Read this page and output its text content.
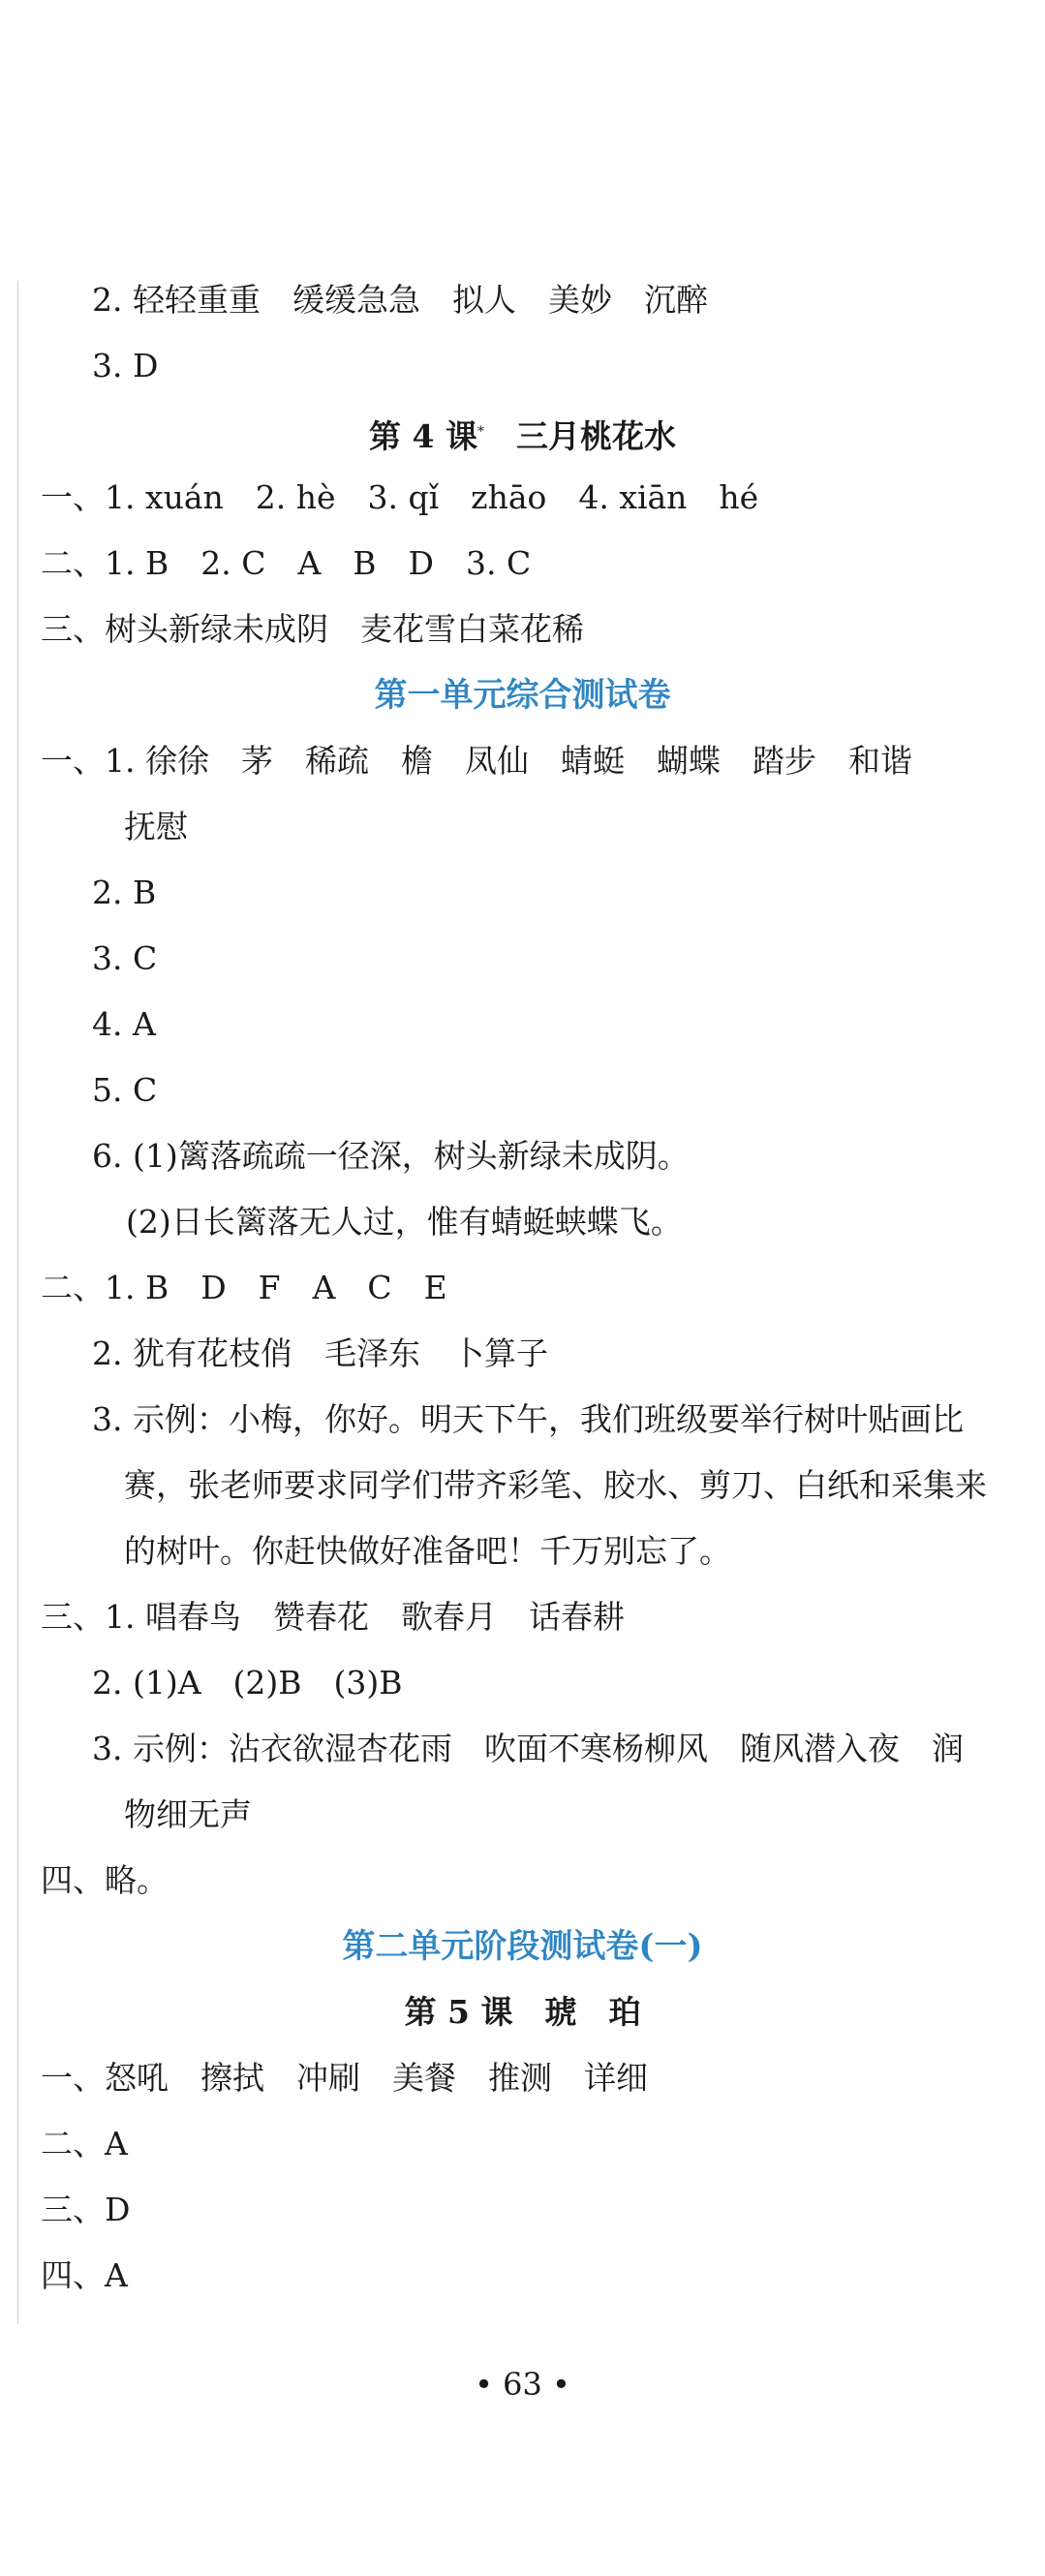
2. 轻轻重重　缓缓急急　拟人　美妙　沉醉
3. D
第 4 课*　三月桃花水
一、1. xuán　2. hè　3. qǐ　zhāo　4. xiān　hé
二、1. B　2. C　A　B　D　3. C
三、树头新绿未成阴　麦花雪白菜花稀
第一单元综合测试卷
一、1. 徐徐　茅　稀疏　檐　凤仙　蜻蜓　蝴蝶　踏步　和谐
抚慰
2. B
3. C
4. A
5. C
6. (1)篱落疏疏一径深，树头新绿未成阴。
(2)日长篱落无人过，惟有蜻蜓蛱蝶飞。
二、1. B　D　F　A　C　E
2. 犹有花枝俏　毛泽东　卜算子
3. 示例：小梅，你好。明天下午，我们班级要举行树叶贴画比
赛，张老师要求同学们带齐彩笔、胶水、剪刀、白纸和采集来
的树叶。你赶快做好准备吧！千万别忘了。
三、1. 唱春鸟　赞春花　歌春月　话春耕
2. (1)A　(2)B　(3)B
3. 示例：沾衣欲湿杏花雨　吹面不寒杨柳风　随风潜入夜　润
物细无声
四、略。
第二单元阶段测试卷(一)
第 5 课　琥　珀
一、怒吼　擦拭　冲刷　美餐　推测　详细
二、A
三、D
四、A
• 63 •
